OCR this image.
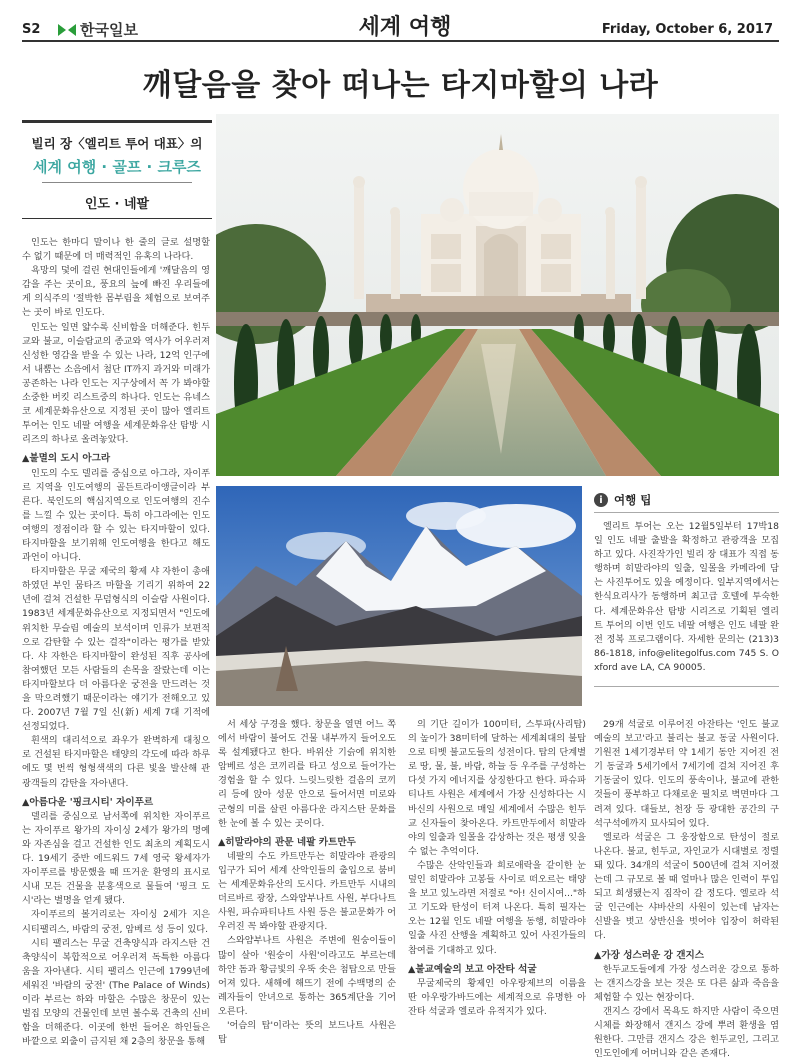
S2	한국일보	세계 여행	Friday, October 6, 2017
깨달음을 찾아 떠나는 타지마할의 나라
빌리 장〈엘리트 투어 대표〉의
세계 여행 · 골프 · 크루즈
인도 · 네팔
i 여행 팁

엘리트 투어는 오는 12월5일부터 17박18일 인도 네팔 출발을 확정하고 관광객을 모집하고 있다. 사진작가인 빌리 장 대표가 직접 동행하며 히말라야의 일출, 일몰을 카메라에 담는 사진투어도 있을 예정이다. 일부지역에서는 한식요리사가 동행하며 최고급 호텔에 투숙한다. 세계문화유산 탐방 시리즈로 기획된 엘리트 투어의 이번 인도 네팔 여행은 인도 네팔 완전 정복 프로그램이다. 자세한 문의는 (213)386-1818, info@elitegolfus.com 745 S. Oxford ave LA, CA 90005.

인도는 한마디 말이나 한 줄의 글로 설명할 수 없기 때문에 더 매력적인 유혹의 나라다.

욕망의 덫에 걸린 현대인들에게 '깨달음의 영감을 주는 곳이요, 풍요의 늪에 빠진 우리들에게 의식주의 '절박한 몸부림을 체험으로 보여주는 곳이 바로 인도다.

인도는 일면 얇수록 신비함을 더해준다. 힌두교와 불교, 이슬람교의 종교와 역사가 어우러져 신성한 영감을 받을 수 있는 나라, 12억 인구에서 내뿜는 소음에서 첨단 IT까지 과거와 미래가 공존하는 나라 인도는 지구상에서 꼭 가 봐야할 소중한 버킷 리스트중의 하나다. 인도는 유네스코 세계문화유산으로 지정된 곳이 많아 엘리트 투어는 인도 네팔 여행을 세계문화유산 탐방 시리즈의 하나로 올려놓았다.

▲불멸의 도시 아그라

인도의 수도 델리를 중심으로 아그라, 자이푸르 지역을 인도여행의 골든트라이앵글이라 부른다. 북인도의 핵심지역으로 인도여행의 진수를 느낄 수 있는 곳이다. 특히 아그라에는 인도여행의 정점이라 할 수 있는 타지마할이 있다. 타지마할을 보기위해 인도여행을 한다고 해도 과언이 아니다.

타지마할은 무굴 제국의 황제 샤 자한이 총애하였던 부인 뭄타즈 마할을 기리기 위하여 22년에 걸쳐 건설한 무덤형식의 이슬람 사원이다. 1983년 세계문화유산으로 지정되면서 "인도에 위치한 무슬림 예술의 보석이며 인류가 보편적으로 감탄할 수 있는 걸작"이라는 평가를 받았다. 샤 자한은 타지마할이 완성된 직후 공사에 참여했던 모든 사람들의 손목을 잘랐는데 이는 타지마할보다 더 아름다운 궁전을 만드려는 것을 막으려했기 때문이라는 얘기가 전해오고 있다. 2007년 7월 7일 신(新) 세계 7대 기적에 선정되었다.

흰색의 대리석으로 좌우가 완벽하게 대칭으로 건설된 타지마할은 태양의 각도에 따라 하루에도 몇 번씩 형형색색의 다른 빛을 발산해 관광객들의 감탄을 자아낸다.

▲아름다운 '핑크시티' 자이푸르

델리를 중심으로 남서쪽에 위치한 자이푸르는 자이푸르 왕가의 자이싱 2세가 왕가의 명예와 자존심을 걸고 건설한 인도 최초의 계획도시다. 19세기 중반 에드워드 7세 영국 왕세자가 자이푸르를 방문했을 때 뜨거운 환영의 표시로 시내 모든 건물을 분홍색으로 물들여 '핑크 도시'라는 별명을 얻게 됐다.

자이푸르의 볼거리로는 자이싱 2세가 지은 시티팰리스, 바람의 궁전, 암베르 성 등이 있다.

시티 팰리스는 무굴 건축양식과 라지스탄 건축양식이 복합적으로 어우러져 독특한 아름다움을 자아낸다. 시티 팰리스 인근에 1799년에 세워진 '바람의 궁전' (The Palace of Winds)이라 부르는 하와 마할은 수많은 창문이 있는 벌집 모양의 건물인데 보면 볼수록 건축의 신비함을 더해준다. 이곳에 한번 들어온 하인들은 바깥으로 외출이 금지된 채 2층의 창문을 통해

서 세상 구경을 했다. 창문을 열면 어느 쪽에서 바람이 불어도 건물 내부까지 들어오도록 설계됐다고 한다. 바위산 기슭에 위치한 암베르 성은 코끼리를 타고 성으로 들어가는 경험을 할 수 있다. 느릿느릿한 걸음의 코끼리 등에 앉아 성문 안으로 들어서면 미로와 군형의 미를 살린 아름다운 라지스탄 문화를 한 눈에 볼 수 있는 곳이다.

▲히말라야의 관문 네팔 카트만두

네팔의 수도 카트만두는 히말라야 관광의 입구가 되어 세계 산악인들의 출입으로 붐비는 세계문화유산의 도시다. 카트만두 시내의 더르바르 광장, 스와얌부나트 사원, 부다나트 사원, 파슈파티나트 사원 등은 불교문화가 어우러진 꼭 봐야할 관광지다.

스와얌부나트 사원은 주변에 원숭이들이 많이 살아 '원숭이 사원'이라고도 부르는데 하얀 돔과 황금빛의 우뚝 솟은 첨탑으로 만들어져 있다. 새해에 해뜨기 전에 수백명의 순례자들이 안녀으로 통하는 365계단을 기어오른다.

'어슴의 탑'이라는 뜻의 보드나트 사원은 탑

의 기단 길이가 100미터, 스투파(사리탑)의 높이가 38미터에 달하는 세계최대의 불탑으로 티벳 불교도들의 성전이다. 탑의 단계별로 땅, 물, 불, 바람, 하늘 등 우주를 구성하는 다섯 가지 에너지를 상징한다고 한다. 파슈파티나트 사원은 세계에서 가장 신성하다는 시바신의 사원으로 매일 세계에서 수많은 힌두교 신자들이 찾아온다. 카트만두에서 히말라야의 일출과 일몰을 감상하는 것은 평생 잊을 수 없는 추억이다.

수많은 산악인들과 희로애락을 같이한 눈덮인 히말라야 고봉들 사이로 떠오르는 태양을 보고 있노라면 저절로 "아! 신이시여..."하고 기도와 탄성이 터져 나온다. 특히 필자는 오는 12월 인도 네팔 여행을 동행, 히말라야 일출 사진 산행을 계획하고 있어 사진가들의 참여를 기대하고 있다.

▲불교예술의 보고 아잔타 석굴

무굴제국의 황제인 아우랑제브의 이름을 딴 아우랑가바드에는 세계적으로 유명한 아잔타 석굴과 엘로라 유적지가 있다.

29개 석굴로 이루어진 아잔타는 '인도 불교예술의 보고'라고 불리는 불교 동굴 사원이다. 기원전 1세기경부터 약 1세기 동안 지어진 전기 동굴과 5세기에서 7세기에 걸쳐 지어진 후기동굴이 있다. 인도의 풍속이나, 불교에 관한 것들이 풍부하고 다채로운 필치로 벽면마다 그려져 있다. 대들보, 천장 등 광대한 공간의 구석구석에까지 묘사되어 있다.

엘로라 석굴은 그 웅장함으로 탄성이 절로 나온다. 불교, 힌두교, 자인교가 시대별로 정렬돼 있다. 34개의 석굴이 500년에 걸쳐 지어졌는데 그 규모로 볼 때 얼마나 많은 인력이 투입되고 희생됐는지 짐작이 갈 정도다. 엘로라 석굴 인근에는 샤바산의 사원이 있는데 남자는 신발을 벗고 상반신을 벗어야 입장이 허락된다.

▲가장 성스러운 강 갠지스

한두교도들에게 가장 성스러운 강으로 통하는 갠지스강을 보는 것은 또 다른 삶과 죽음을 체험할 수 있는 현장이다.

갠지스 강에서 목욕도 하지만 사람이 죽으면 시체를 화장해서 갠지스 강에 뿌려 환생을 염원한다. 그만큼 갠지스 강은 힌두교인, 그리고 인도인에게 어머니와 같은 존재다.
